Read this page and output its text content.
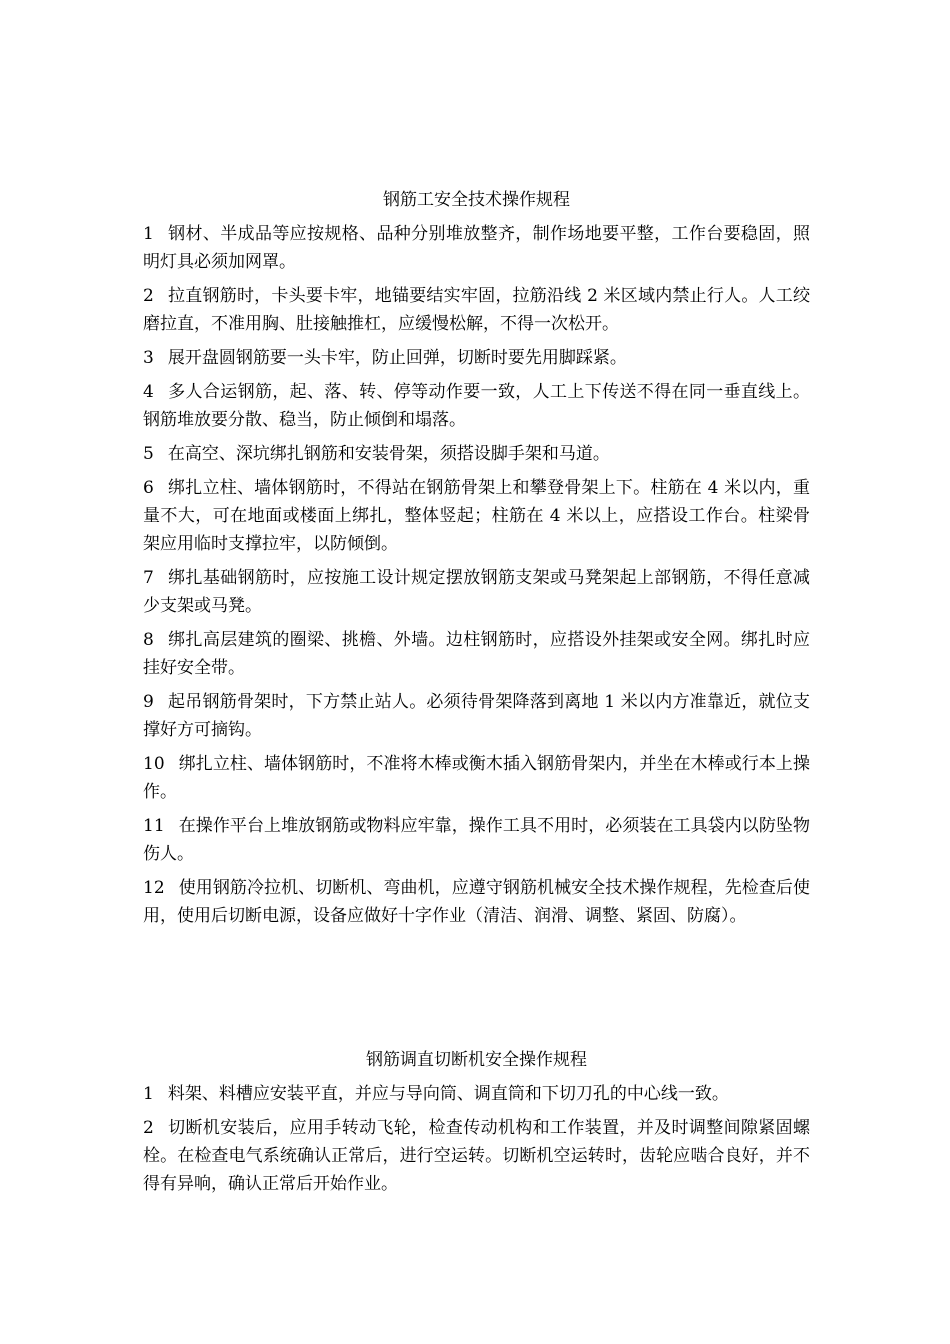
钢筋工安全技术操作规程

1 钢材、半成品等应按规格、品种分别堆放整齐，制作场地要平整，工作台要稳固，照明灯具必须加网罩。

2 拉直钢筋时，卡头要卡牢，地锚要结实牢固，拉筋沿线 2 米区域内禁止行人。人工绞磨拉直，不准用胸、肚接触推杠，应缓慢松解，不得一次松开。

3 展开盘圆钢筋要一头卡牢，防止回弹，切断时要先用脚踩紧。

4 多人合运钢筋，起、落、转、停等动作要一致，人工上下传送不得在同一垂直线上。钢筋堆放要分散、稳当，防止倾倒和塌落。

5 在高空、深坑绑扎钢筋和安装骨架，须搭设脚手架和马道。

6 绑扎立柱、墙体钢筋时，不得站在钢筋骨架上和攀登骨架上下。柱筋在 4 米以内，重量不大，可在地面或楼面上绑扎，整体竖起；柱筋在 4 米以上，应搭设工作台。柱梁骨架应用临时支撑拉牢，以防倾倒。

7 绑扎基础钢筋时，应按施工设计规定摆放钢筋支架或马凳架起上部钢筋，不得任意减少支架或马凳。

8 绑扎高层建筑的圈梁、挑檐、外墙。边柱钢筋时，应搭设外挂架或安全网。绑扎时应挂好安全带。

9 起吊钢筋骨架时，下方禁止站人。必须待骨架降落到离地 1 米以内方准靠近，就位支撑好方可摘钩。

10 绑扎立柱、墙体钢筋时，不准将木棒或衡木插入钢筋骨架内，并坐在木棒或行本上操作。

11 在操作平台上堆放钢筋或物料应牢靠，操作工具不用时，必须装在工具袋内以防坠物伤人。

12 使用钢筋冷拉机、切断机、弯曲机，应遵守钢筋机械安全技术操作规程，先检查后使用，使用后切断电源，设备应做好十字作业（清洁、润滑、调整、紧固、防腐）。

钢筋调直切断机安全操作规程

1 料架、料槽应安装平直，并应与导向筒、调直筒和下切刀孔的中心线一致。

2 切断机安装后，应用手转动飞轮，检查传动机构和工作装置，并及时调整间隙紧固螺栓。在检查电气系统确认正常后，进行空运转。切断机空运转时，齿轮应啮合良好，并不得有异响，确认正常后开始作业。
